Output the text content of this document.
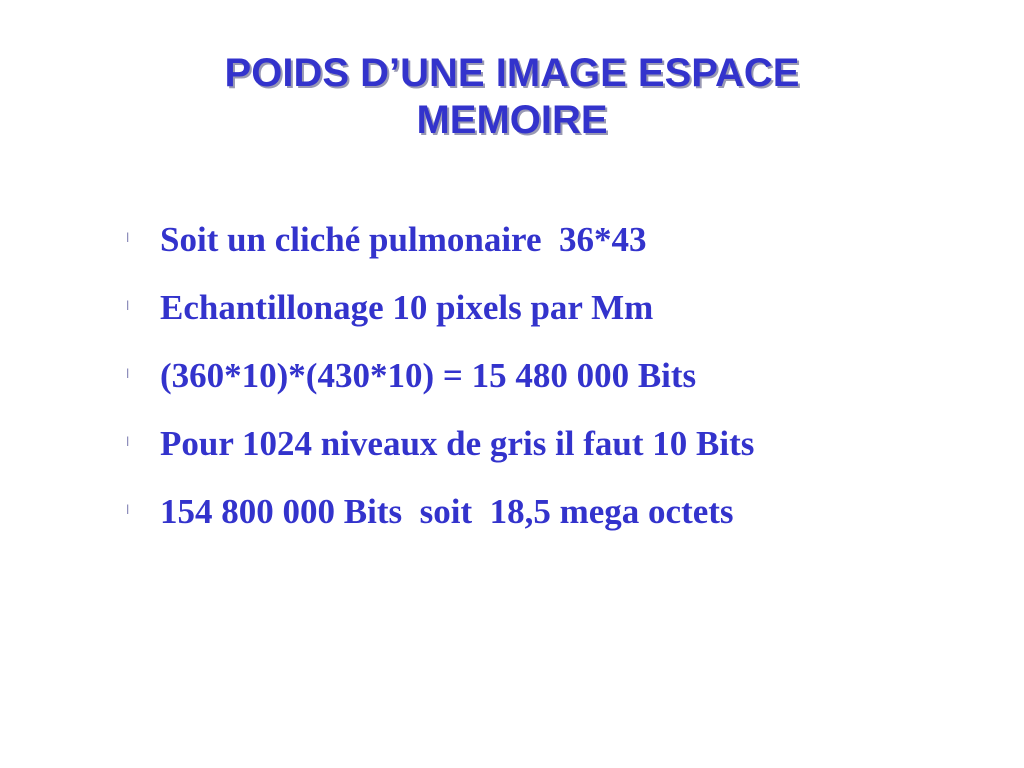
POIDS D’UNE IMAGE ESPACE
MEMOIRE
l Soit un cliché pulmonaire  36*43
l Echantillonage 10 pixels par Mm
l (360*10)*(430*10) = 15 480 000 Bits
l Pour 1024 niveaux de gris il faut 10 Bits
l 154 800 000 Bits  soit  18,5 mega octets
